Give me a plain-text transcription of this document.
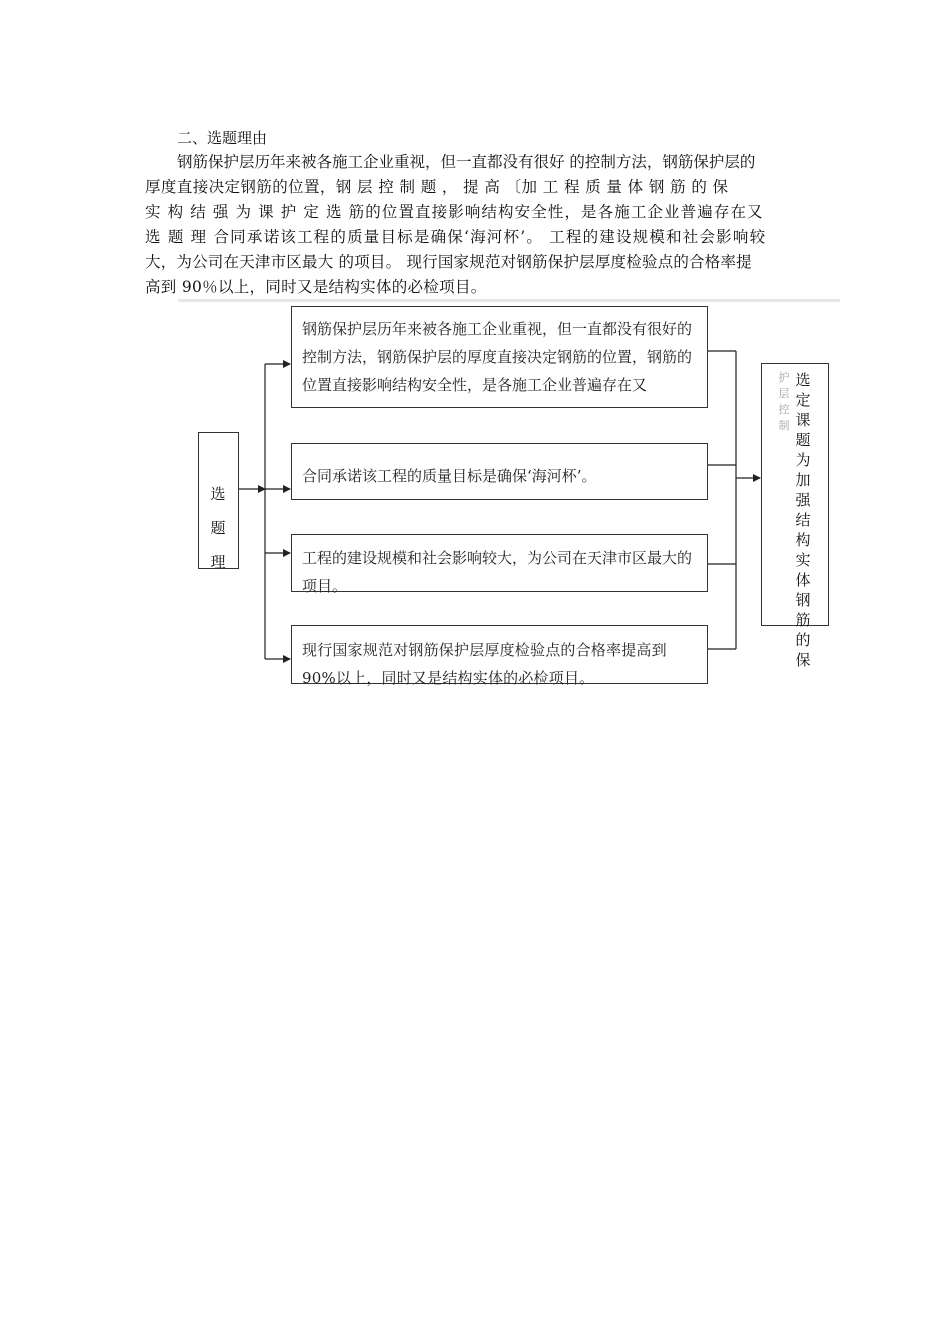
二、选题理由
钢筋保护层历年来被各施工企业重视，但一直都没有很好 的控制方法，钢筋保护层的
厚度直接决定钢筋的位置，钢 层 控 制 题 ， 提 高 〔加 工 程 质 量 体 钢 筋 的 保
实 构 结 强 为 课 护 定 选 筋的位置直接影响结构安全性，是各施工企业普遍存在又
选 题 理 合同承诺该工程的质量目标是确保‘海河杯’。 工程的建设规模和社会影响较
大，为公司在天津市区最大 的项目。 现行国家规范对钢筋保护层厚度检验点的合格率提
高到 90％以上，同时又是结构实体的必检项目。
选
题
理
钢筋保护层历年来被各施工企业重视，但一直都没有很好的控制方法，钢筋保护层的厚度直接决定钢筋的位置，钢筋的位置直接影响结构安全性，是各施工企业普遍存在又
合同承诺该工程的质量目标是确保‘海河杯’。
工程的建设规模和社会影响较大，为公司在天津市区最大的项目。
现行国家规范对钢筋保护层厚度检验点的合格率提高到90%以上，同时又是结构实体的必检项目。
护层控制
选定课题为 加强结构实体钢筋的保
